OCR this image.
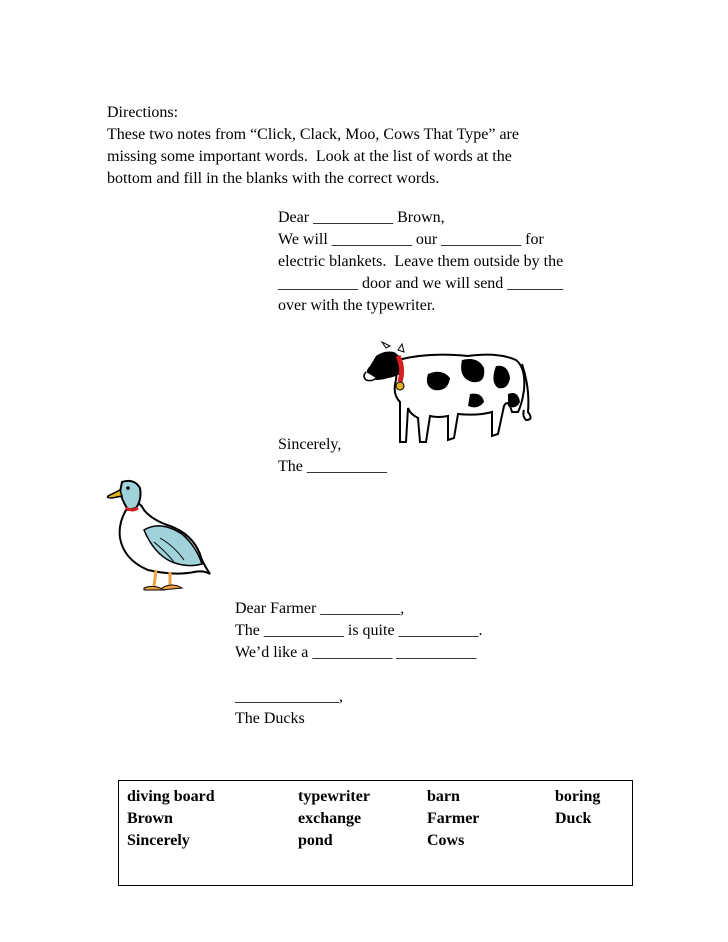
Directions:
These two notes from “Click, Clack, Moo, Cows That Type” are
missing some important words.  Look at the list of words at the
bottom and fill in the blanks with the correct words.
Dear __________ Brown,
We will __________ our __________ for
electric blankets.  Leave them outside by the
__________ door and we will send _______
over with the typewriter.
Sincerely,
The __________
Dear Farmer __________,
The __________ is quite __________.
We’d like a __________ __________
_____________,
The Ducks
diving board
Brown
Sincerely
typewriter
exchange
pond
barn
Farmer
Cows
boring
Duck
